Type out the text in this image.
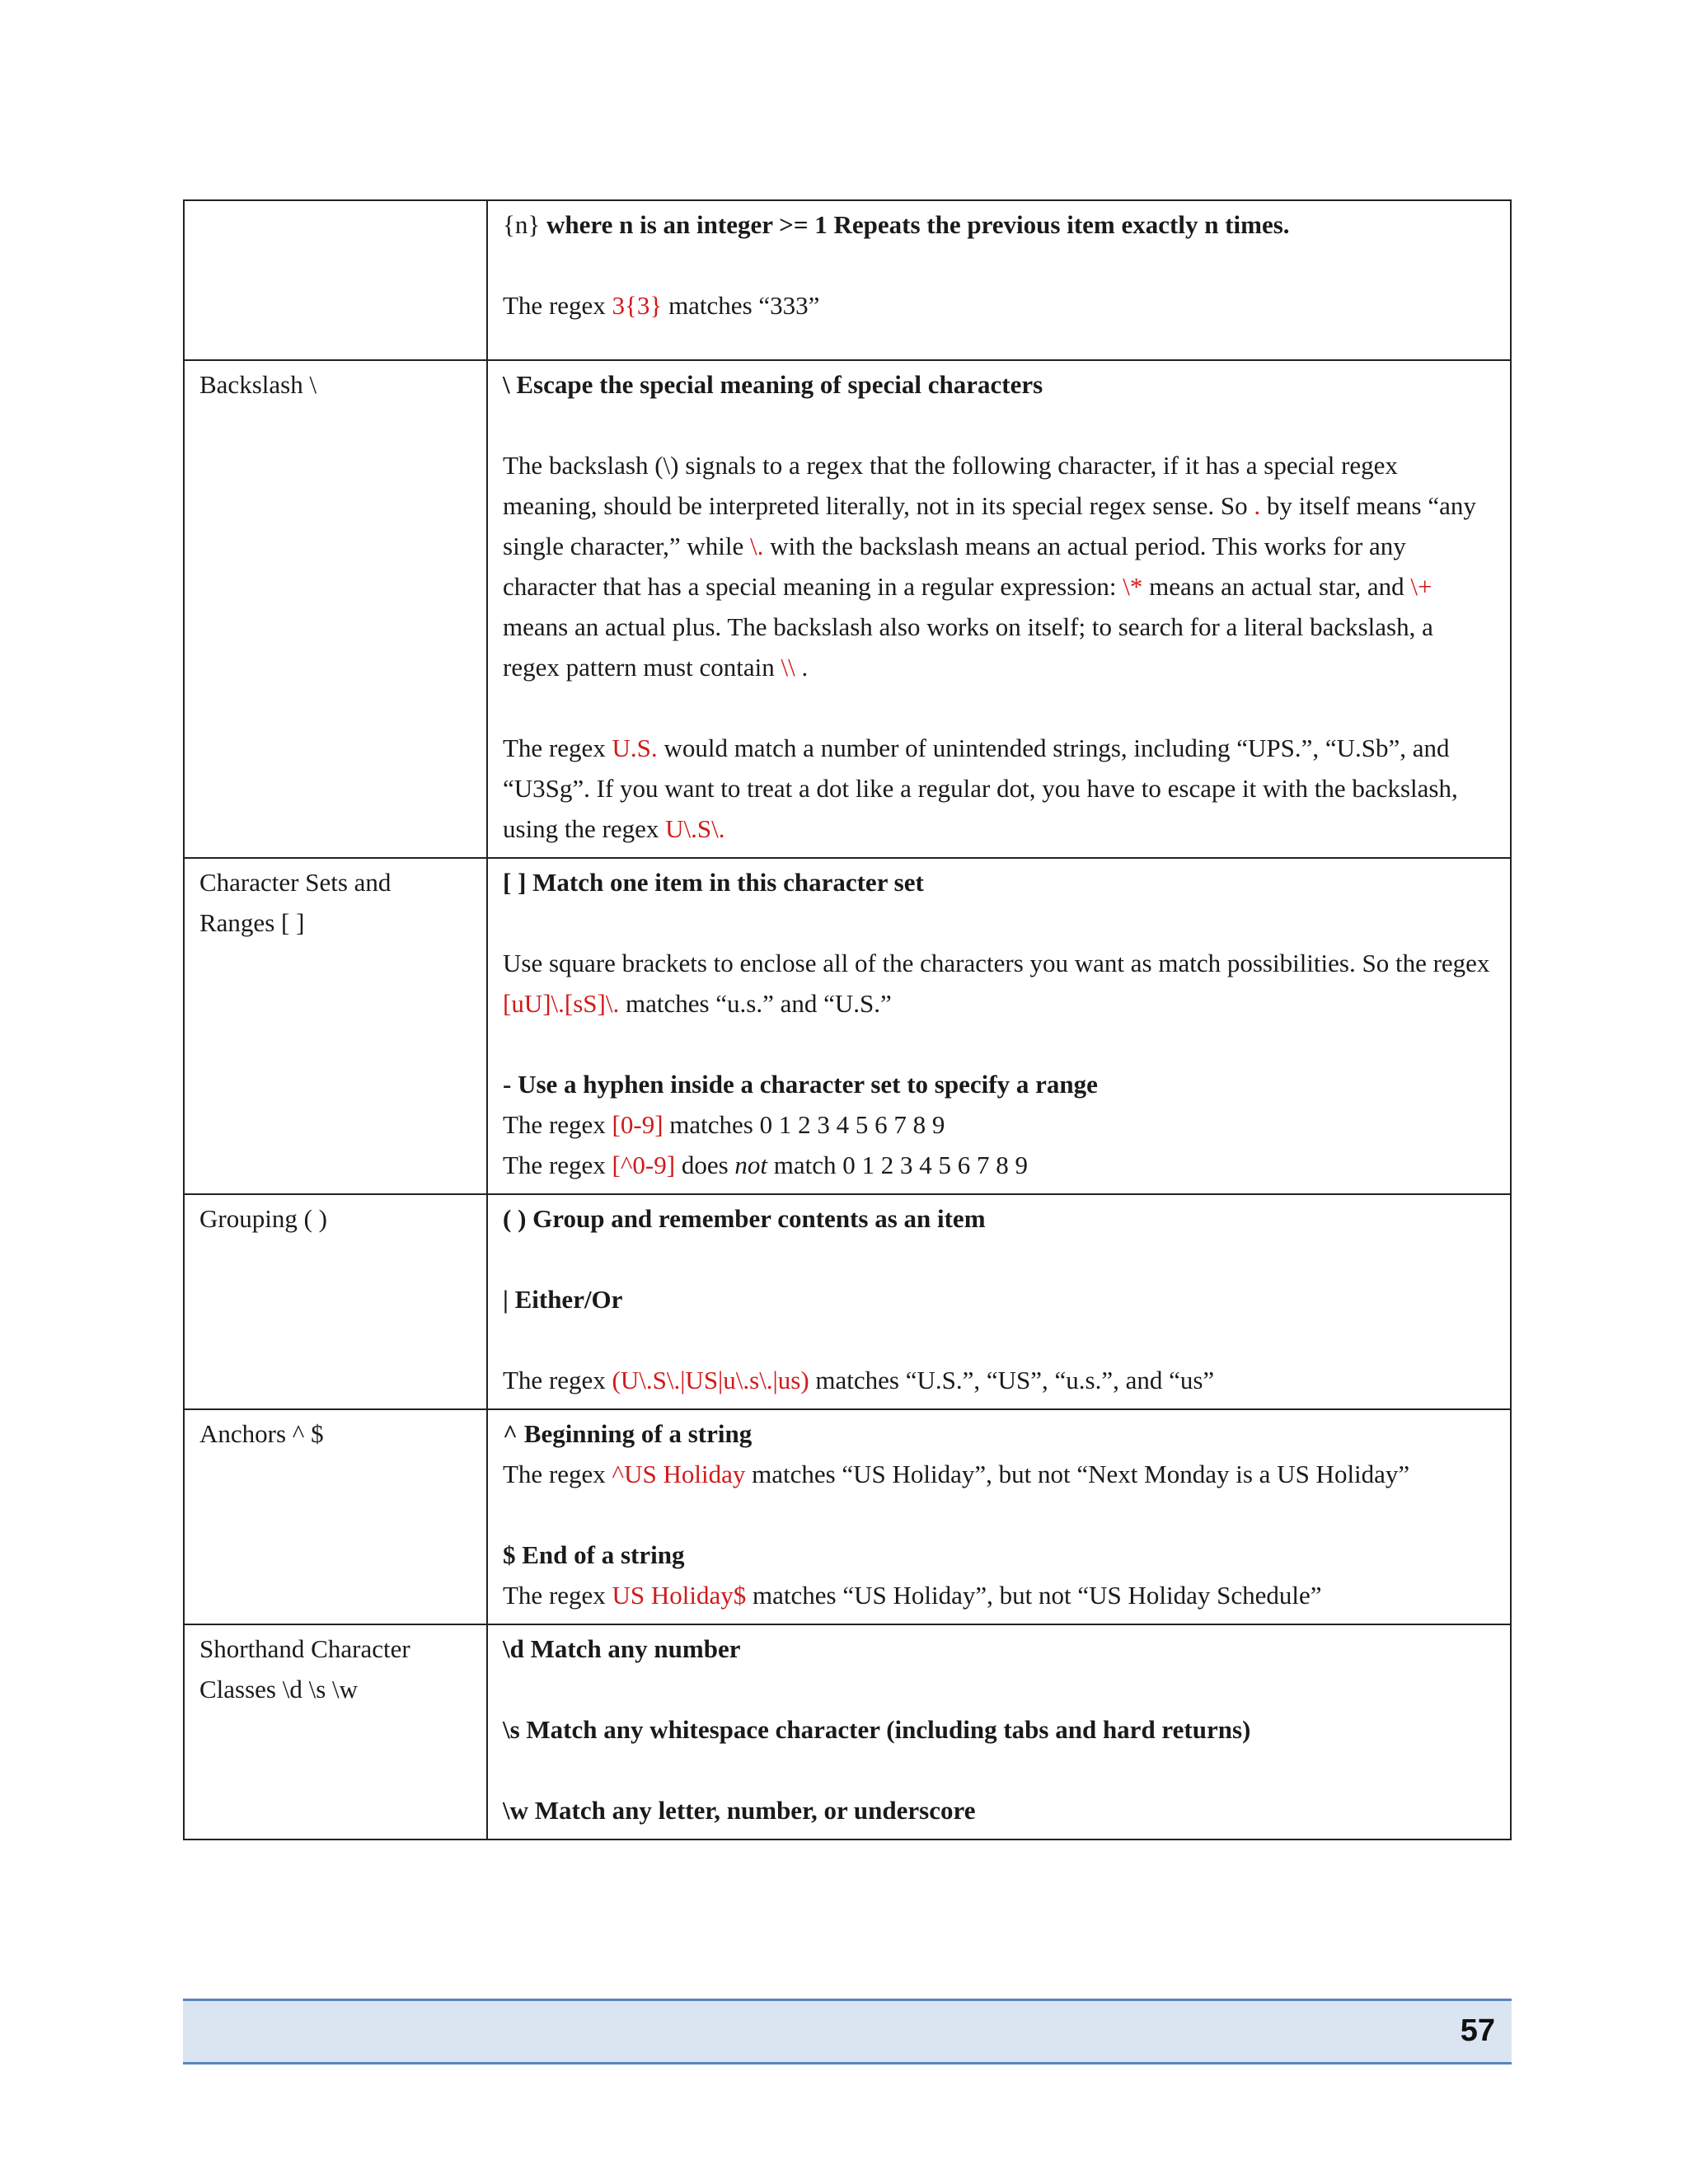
	{n} where n is an integer >= 1 Repeats the previous item exactly n times.

The regex 3{3} matches “333”

Backslash \	\ Escape the special meaning of special characters

The backslash (\) signals to a regex that the following character, if it has a special regex meaning, should be interpreted literally, not in its special regex sense. So . by itself means “any single character,” while \. with the backslash means an actual period. This works for any character that has a special meaning in a regular expression: \* means an actual star, and \+ means an actual plus. The backslash also works on itself; to search for a literal backslash, a regex pattern must contain \\ .

The regex U.S. would match a number of unintended strings, including “UPS.”, “U.Sb”, and “U3Sg”. If you want to treat a dot like a regular dot, you have to escape it with the backslash, using the regex U\.S\.

Character Sets and Ranges [ ]	[ ] Match one item in this character set

Use square brackets to enclose all of the characters you want as match possibilities. So the regex [uU]\.[sS]\. matches “u.s.” and “U.S.”

- Use a hyphen inside a character set to specify a range

The regex [0-9] matches 0 1 2 3 4 5 6 7 8 9

The regex [^0-9] does not match 0 1 2 3 4 5 6 7 8 9

Grouping ( )	( ) Group and remember contents as an item

| Either/Or

The regex (U\.S\.|US|u\.s\.|us) matches “U.S.”, “US”, “u.s.”, and “us”

Anchors ^ $	^ Beginning of a string

The regex ^US Holiday matches “US Holiday”, but not “Next Monday is a US Holiday”

$ End of a string

The regex US Holiday$ matches “US Holiday”, but not “US Holiday Schedule”

Shorthand Character Classes \d \s \w	\d Match any number

\s Match any whitespace character (including tabs and hard returns)

\w Match any letter, number, or underscore

57
